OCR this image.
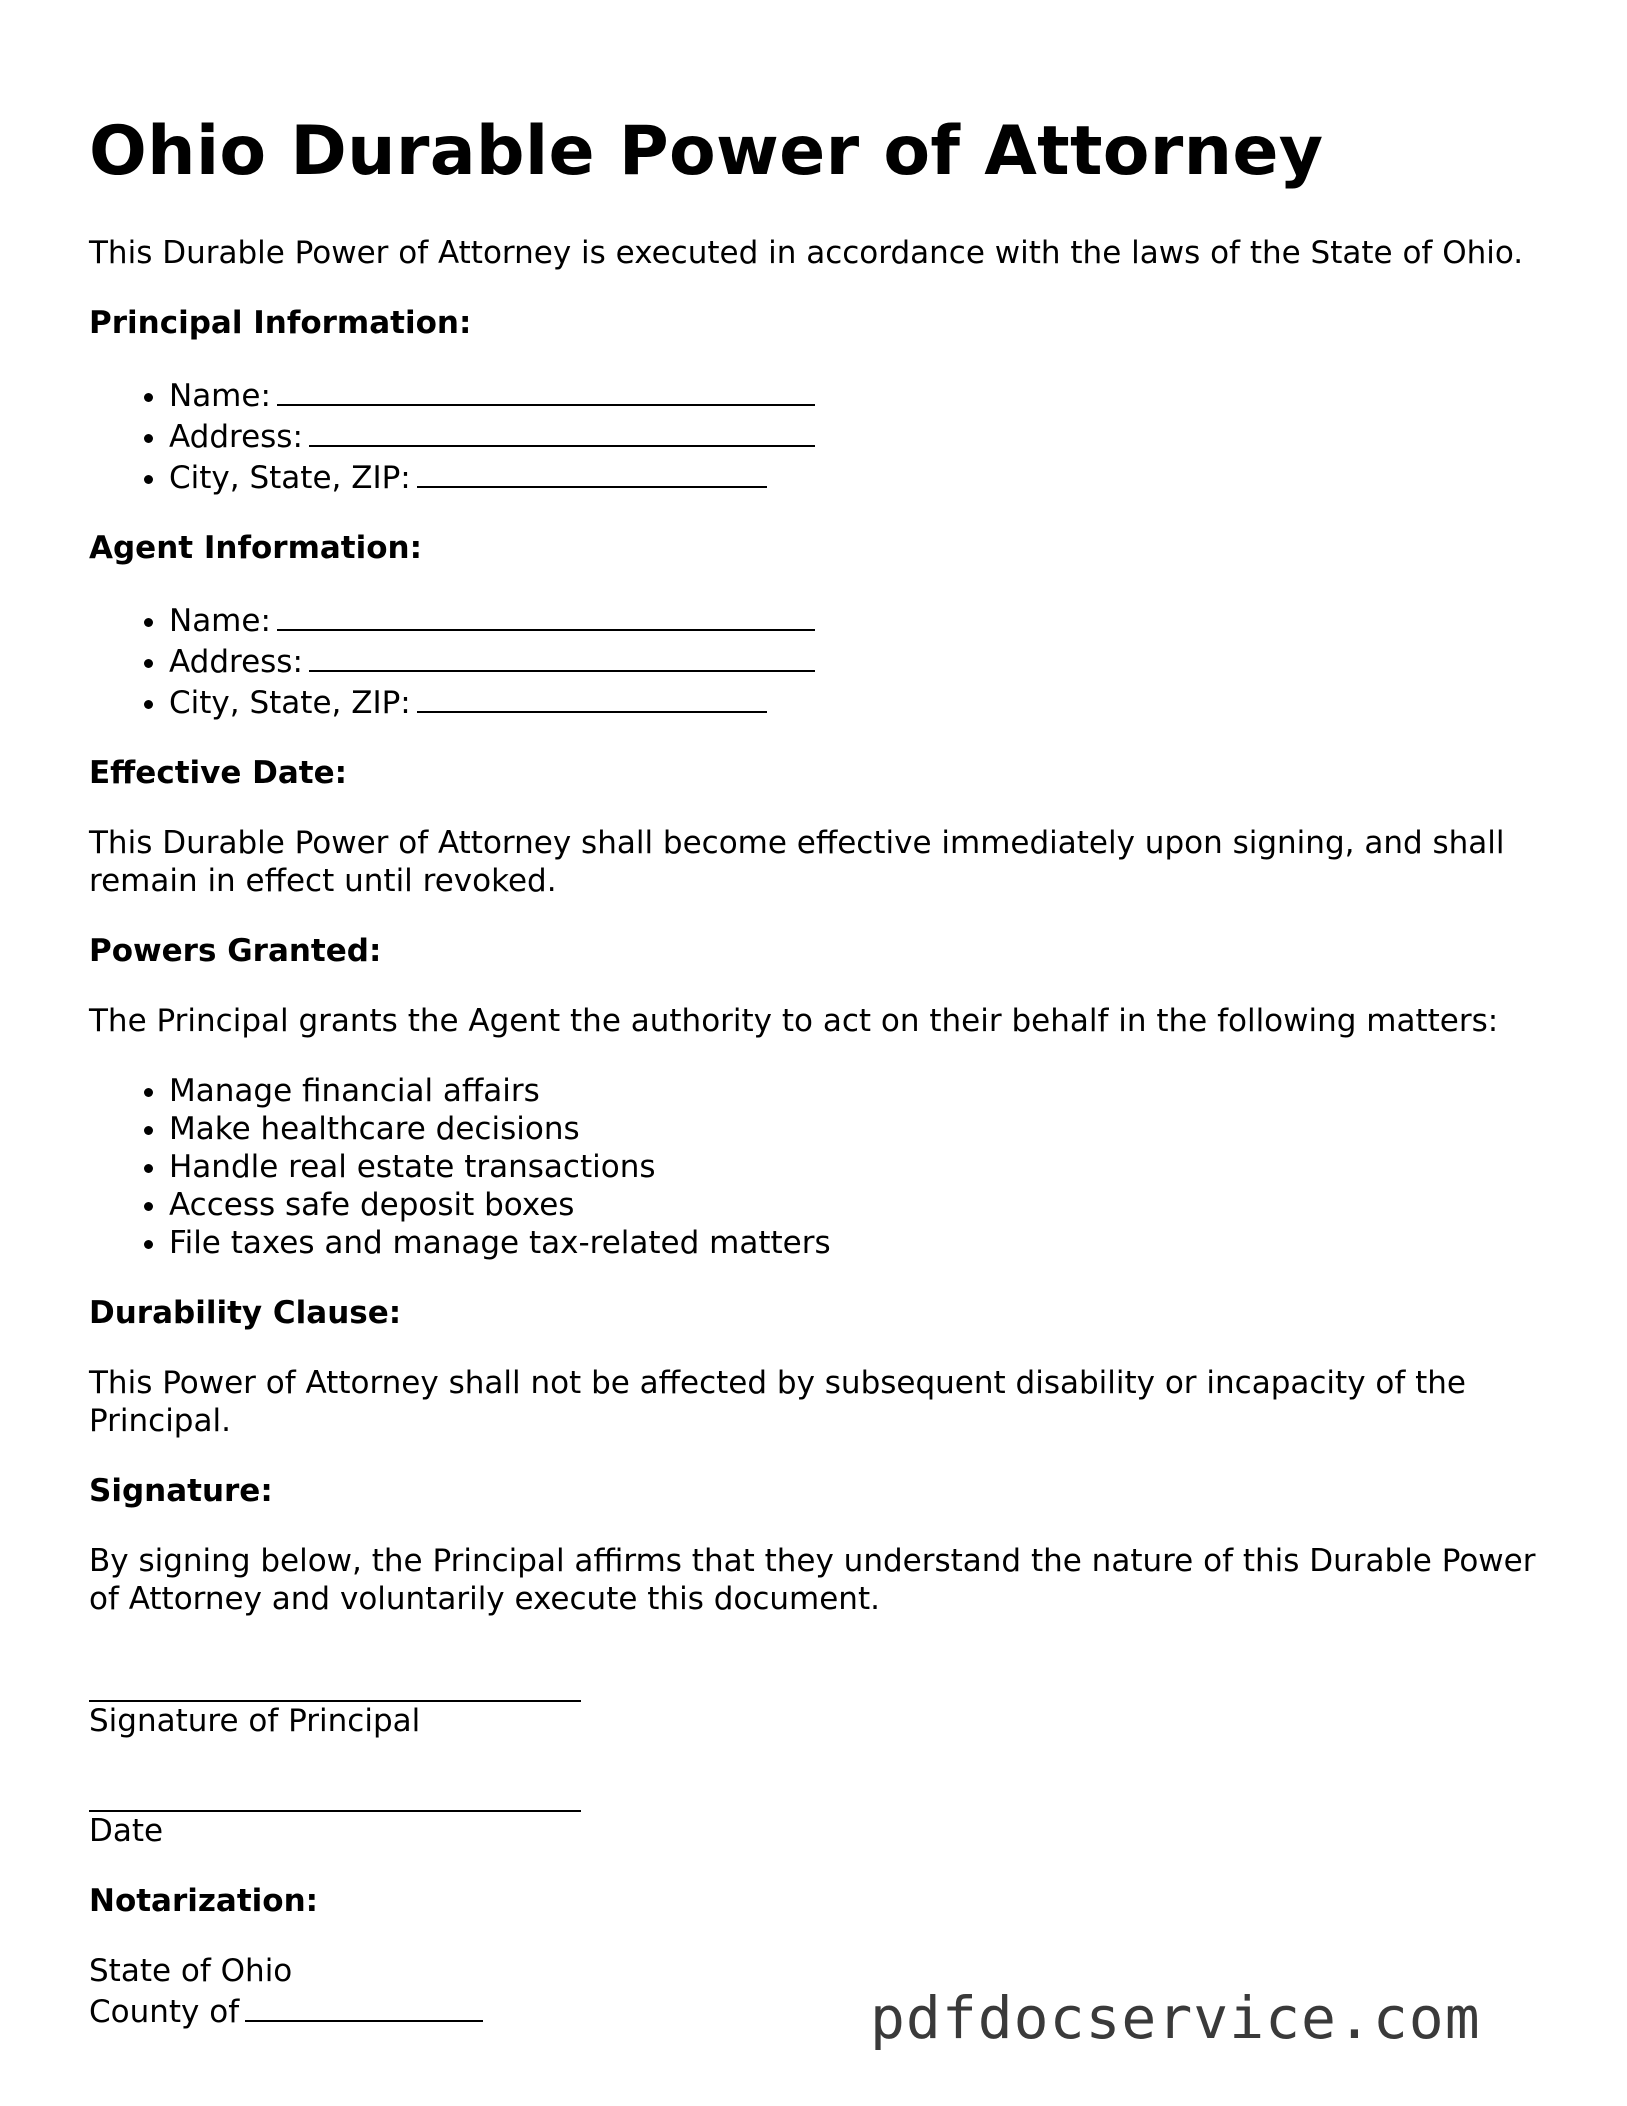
Ohio Durable Power of Attorney

This Durable Power of Attorney is executed in accordance with the laws of the State of Ohio.

Principal Information:
• Name:
• Address:
• City, State, ZIP:
Agent Information:
• Name:
• Address:
• City, State, ZIP:
Effective Date:

This Durable Power of Attorney shall become effective immediately upon signing, and shall remain in effect until revoked.

Powers Granted:

The Principal grants the Agent the authority to act on their behalf in the following matters:

• Manage financial affairs
• Make healthcare decisions
• Handle real estate transactions
• Access safe deposit boxes
• File taxes and manage tax-related matters
Durability Clause:

This Power of Attorney shall not be affected by subsequent disability or incapacity of the Principal.

Signature:

By signing below, the Principal affirms that they understand the nature of this Durable Power of Attorney and voluntarily execute this document.

Signature of Principal
Date
Notarization:
State of Ohio
County of	pdfdocservice.com
